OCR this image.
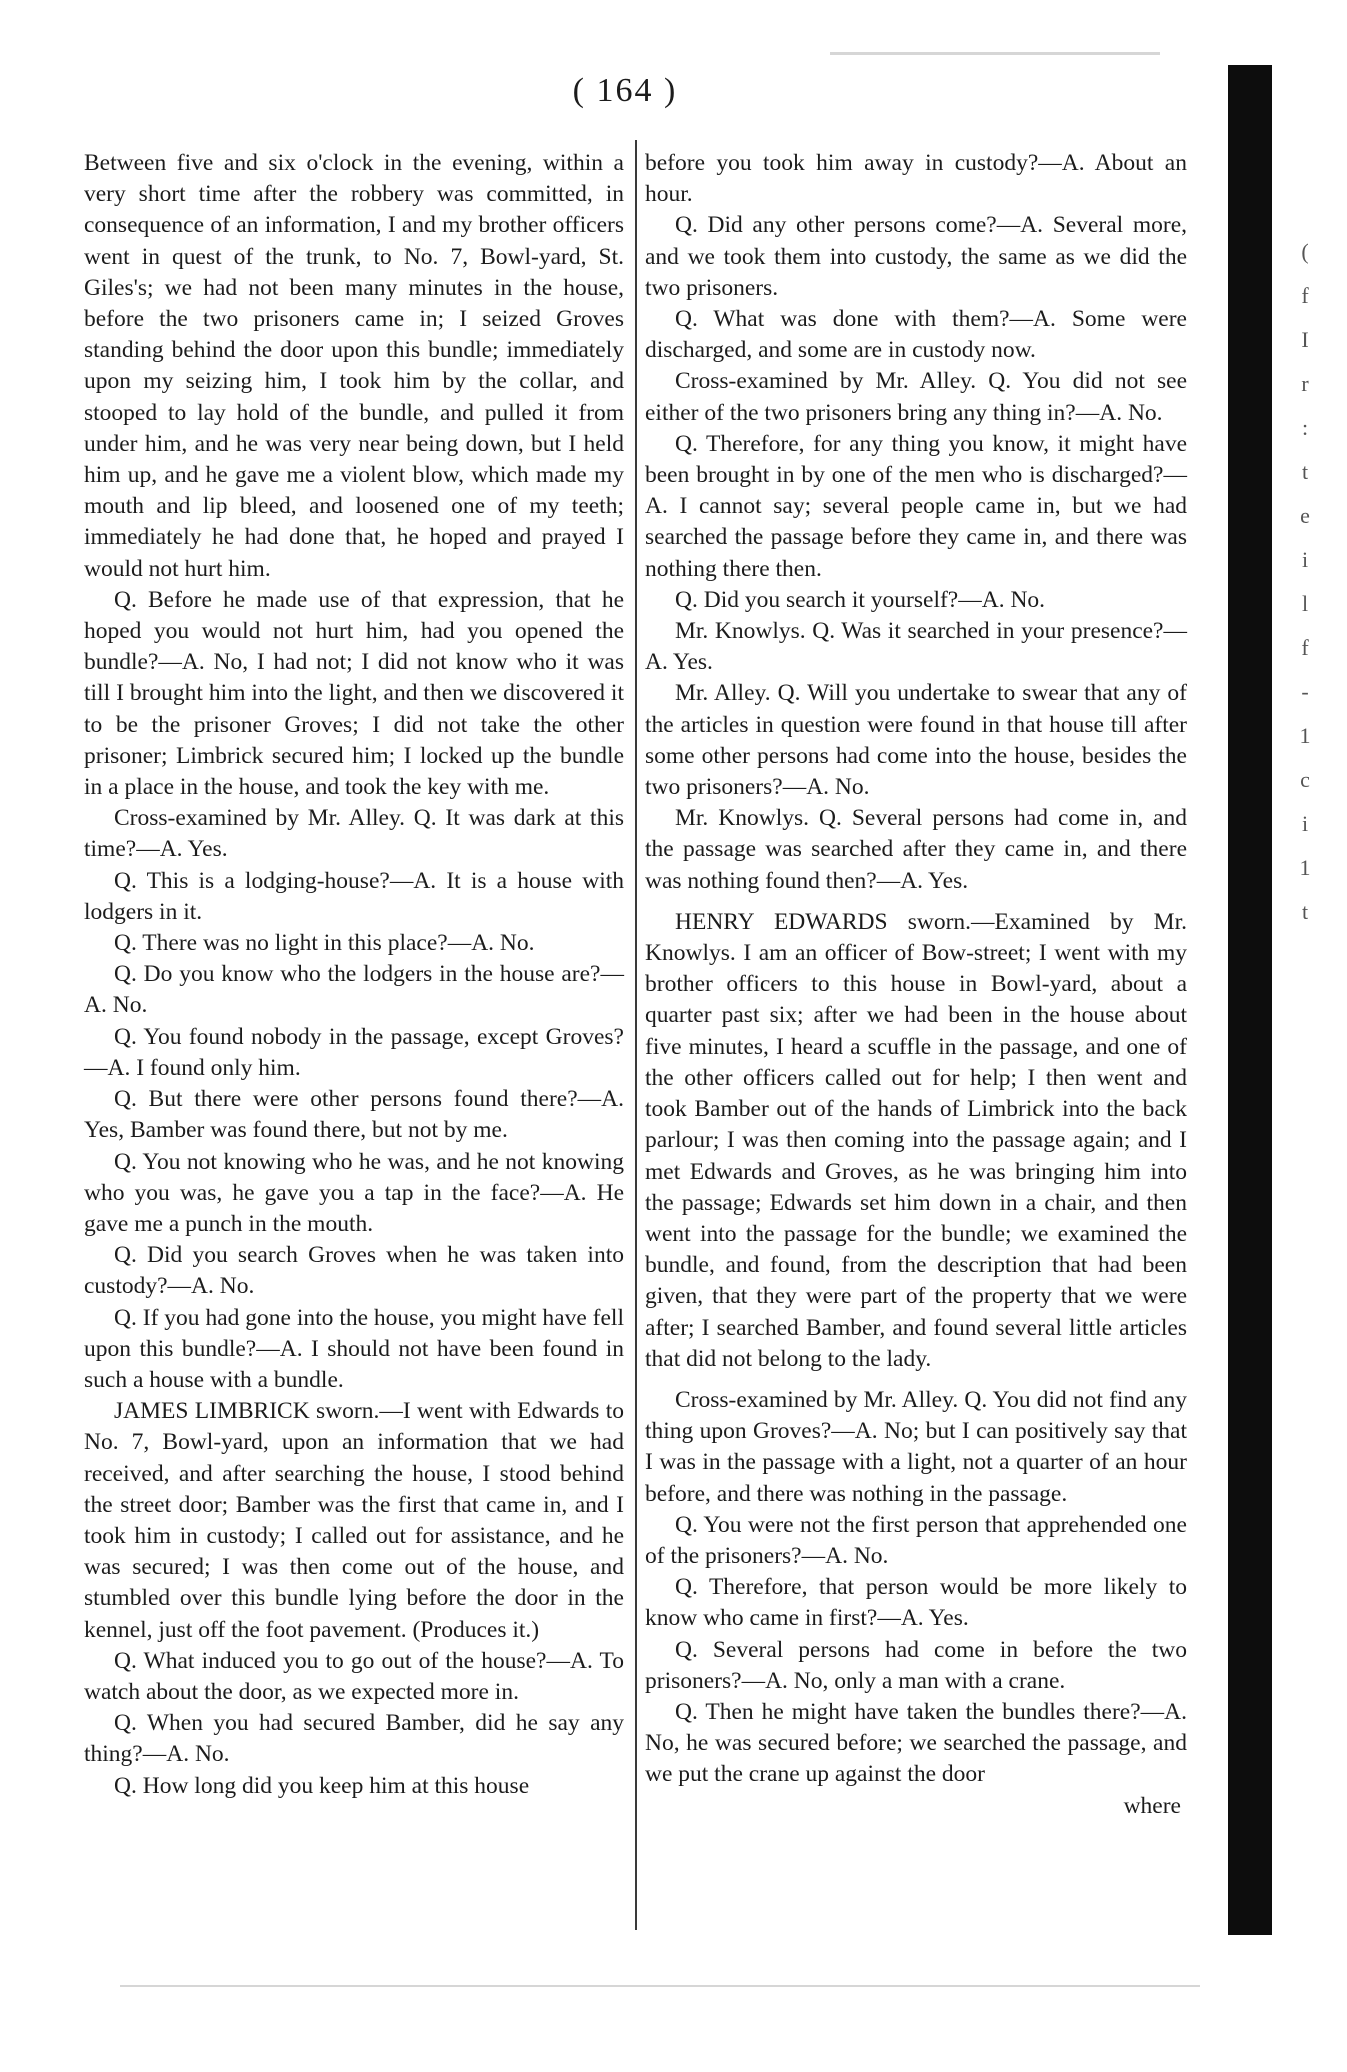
( 164 )

Between five and six o'clock in the evening, within a very short time after the robbery was committed, in consequence of an information, I and my brother officers went in quest of the trunk, to No. 7, Bowl-yard, St. Giles's; we had not been many minutes in the house, before the two prisoners came in; I seized Groves standing behind the door upon this bundle; immediately upon my seizing him, I took him by the collar, and stooped to lay hold of the bundle, and pulled it from under him, and he was very near being down, but I held him up, and he gave me a violent blow, which made my mouth and lip bleed, and loosened one of my teeth; immediately he had done that, he hoped and prayed I would not hurt him.

Q. Before he made use of that expression, that he hoped you would not hurt him, had you opened the bundle?—A. No, I had not; I did not know who it was till I brought him into the light, and then we discovered it to be the prisoner Groves; I did not take the other prisoner; Limbrick secured him; I locked up the bundle in a place in the house, and took the key with me.

Cross-examined by Mr. Alley. Q. It was dark at this time?—A. Yes.

Q. This is a lodging-house?—A. It is a house with lodgers in it.

Q. There was no light in this place?—A. No.

Q. Do you know who the lodgers in the house are?—A. No.

Q. You found nobody in the passage, except Groves?—A. I found only him.

Q. But there were other persons found there?—A. Yes, Bamber was found there, but not by me.

Q. You not knowing who he was, and he not knowing who you was, he gave you a tap in the face?—A. He gave me a punch in the mouth.

Q. Did you search Groves when he was taken into custody?—A. No.

Q. If you had gone into the house, you might have fell upon this bundle?—A. I should not have been found in such a house with a bundle.

JAMES LIMBRICK sworn.—I went with Edwards to No. 7, Bowl-yard, upon an information that we had received, and after searching the house, I stood behind the street door; Bamber was the first that came in, and I took him in custody; I called out for assistance, and he was secured; I was then come out of the house, and stumbled over this bundle lying before the door in the kennel, just off the foot pavement. (Produces it.)

Q. What induced you to go out of the house?—A. To watch about the door, as we expected more in.

Q. When you had secured Bamber, did he say any thing?—A. No.

Q. How long did you keep him at this house

before you took him away in custody?—A. About an hour.

Q. Did any other persons come?—A. Several more, and we took them into custody, the same as we did the two prisoners.

Q. What was done with them?—A. Some were discharged, and some are in custody now.

Cross-examined by Mr. Alley. Q. You did not see either of the two prisoners bring any thing in?—A. No.

Q. Therefore, for any thing you know, it might have been brought in by one of the men who is discharged?—A. I cannot say; several people came in, but we had searched the passage before they came in, and there was nothing there then.

Q. Did you search it yourself?—A. No.

Mr. Knowlys. Q. Was it searched in your presence?—A. Yes.

Mr. Alley. Q. Will you undertake to swear that any of the articles in question were found in that house till after some other persons had come into the house, besides the two prisoners?—A. No.

Mr. Knowlys. Q. Several persons had come in, and the passage was searched after they came in, and there was nothing found then?—A. Yes.

HENRY EDWARDS sworn.—Examined by Mr. Knowlys. I am an officer of Bow-street; I went with my brother officers to this house in Bowl-yard, about a quarter past six; after we had been in the house about five minutes, I heard a scuffle in the passage, and one of the other officers called out for help; I then went and took Bamber out of the hands of Limbrick into the back parlour; I was then coming into the passage again; and I met Edwards and Groves, as he was bringing him into the passage; Edwards set him down in a chair, and then went into the passage for the bundle; we examined the bundle, and found, from the description that had been given, that they were part of the property that we were after; I searched Bamber, and found several little articles that did not belong to the lady.

Cross-examined by Mr. Alley. Q. You did not find any thing upon Groves?—A. No; but I can positively say that I was in the passage with a light, not a quarter of an hour before, and there was nothing in the passage.

Q. You were not the first person that apprehended one of the prisoners?—A. No.

Q. Therefore, that person would be more likely to know who came in first?—A. Yes.

Q. Several persons had come in before the two prisoners?—A. No, only a man with a crane.

Q. Then he might have taken the bundles there?—A. No, he was secured before; we searched the passage, and we put the crane up against the door

where
(
f
I
r
:
t
e
i
l
f
-
1
c
i
1
t
